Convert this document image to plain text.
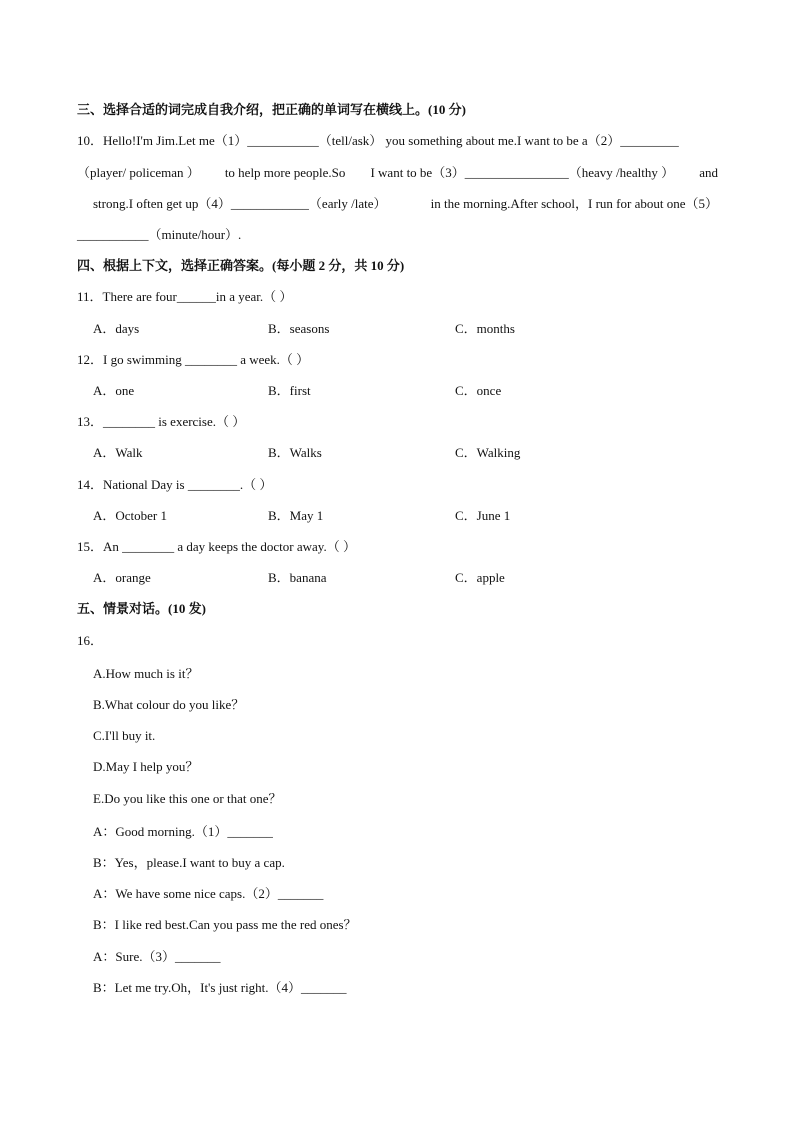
三、选择合适的词完成自我介绍，把正确的单词写在横线上。(10 分)
10．Hello!I'm Jim.Let me（1）___________（tell/ask） you something about me.I want to be a（2）_________
（player/ policeman ） to help more people.So I want to be（3）________________（heavy /healthy ） and
strong.I often get up（4）____________（early /late）	in the morning.After school，I run for about one（5）
___________（minute/hour）.
四、根据上下文，选择正确答案。(每小题 2 分，共 10 分)
11．There are four______in a year.（ ）
A．days	B．seasons	C．months
12．I go swimming ________ a week.（ ）
A．one	B．first	C．once
13．________ is exercise.（ ）
A．Walk	B．Walks	C．Walking
14．National Day is ________.（ ）
A．October 1	B．May 1	C．June 1
15．An ________ a day keeps the doctor away.（ ）
A．orange	B．banana	C．apple
五、情景对话。(10 发)
16．
A.How much is it？
B.What colour do you like？
C.I'll buy it.
D.May I help you？
E.Do you like this one or that one？
A：Good morning.（1）_______
B：Yes，please.I want to buy a cap.
A：We have some nice caps.（2）_______
B：I like red best.Can you pass me the red ones？
A：Sure.（3）_______
B：Let me try.Oh，It's just right.（4）_______
